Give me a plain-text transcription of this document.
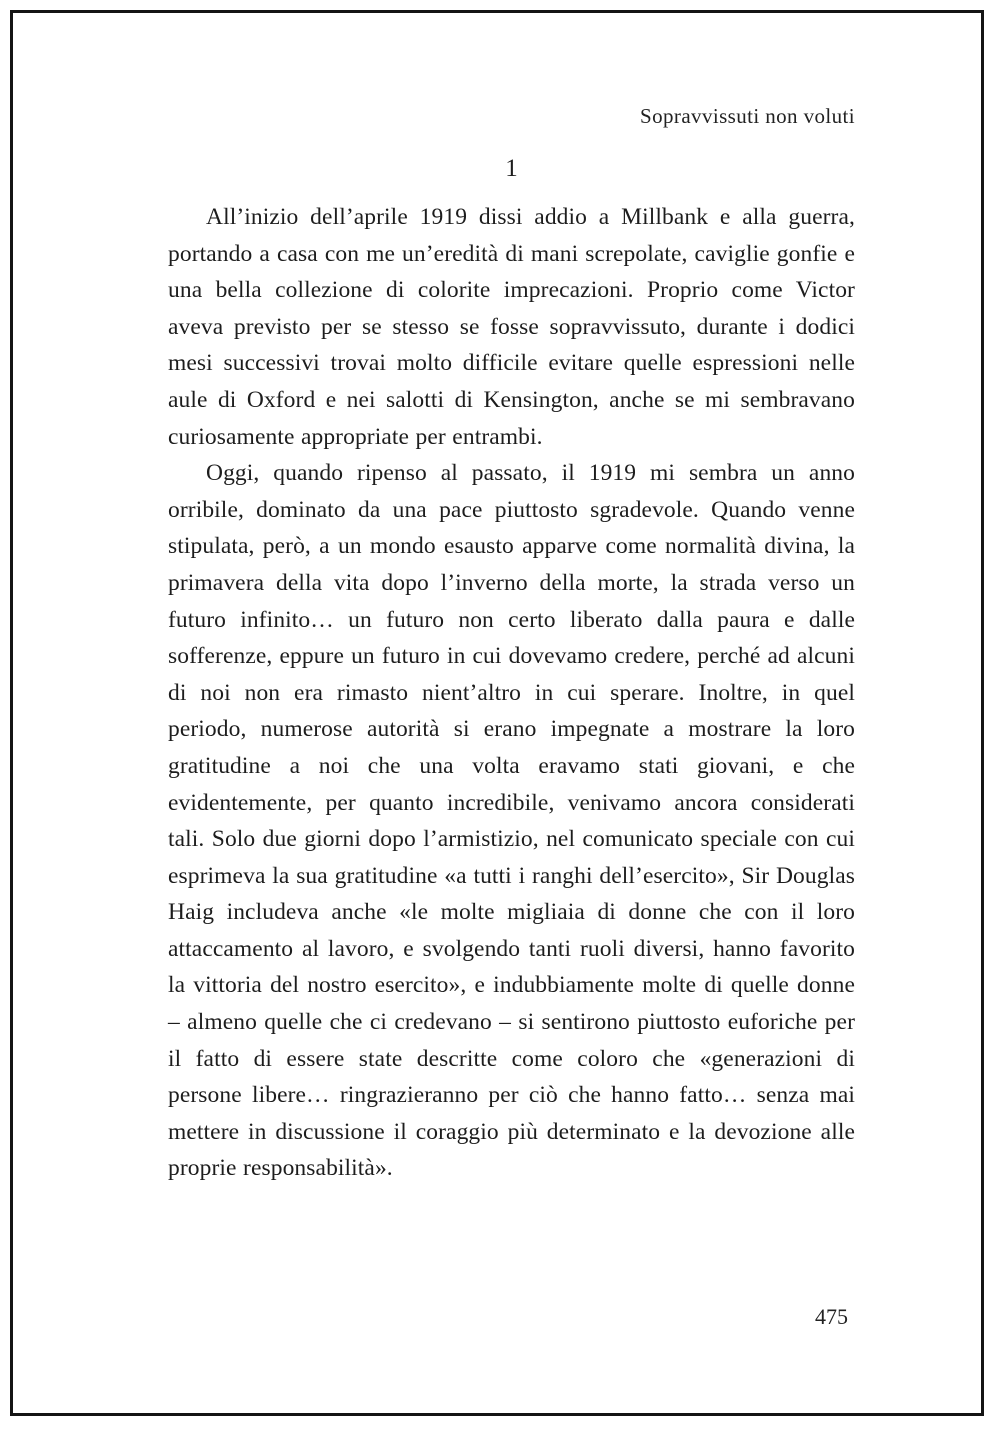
Sopravvissuti non voluti
1

All’inizio dell’aprile 1919 dissi addio a Millbank e alla guerra, portando a casa con me un’eredità di mani screpolate, caviglie gonfie e una bella collezione di colorite imprecazioni. Proprio come Victor aveva previsto per se stesso se fosse sopravvissuto, durante i dodici mesi successivi trovai molto difficile evitare quelle espressioni nelle aule di Oxford e nei salotti di Kensington, anche se mi sembravano curiosamente appropriate per entrambi.

Oggi, quando ripenso al passato, il 1919 mi sembra un anno orribile, dominato da una pace piuttosto sgradevole. Quando venne stipulata, però, a un mondo esausto apparve come normalità divina, la primavera della vita dopo l’inverno della morte, la strada verso un futuro infinito… un futuro non certo liberato dalla paura e dalle sofferenze, eppure un futuro in cui dovevamo credere, perché ad alcuni di noi non era rimasto nient’altro in cui sperare. Inoltre, in quel periodo, numerose autorità si erano impegnate a mostrare la loro gratitudine a noi che una volta eravamo stati giovani, e che evidentemente, per quanto incredibile, venivamo ancora considerati tali. Solo due giorni dopo l’armistizio, nel comunicato speciale con cui esprimeva la sua gratitudine «a tutti i ranghi dell’esercito», Sir Douglas Haig includeva anche «le molte migliaia di donne che con il loro attaccamento al lavoro, e svolgendo tanti ruoli diversi, hanno favorito la vittoria del nostro esercito», e indubbiamente molte di quelle donne – almeno quelle che ci credevano – si sentirono piuttosto euforiche per il fatto di essere state descritte come coloro che «generazioni di persone libere… ringrazieranno per ciò che hanno fatto… senza mai mettere in discussione il coraggio più determinato e la devozione alle proprie responsabilità».

475
